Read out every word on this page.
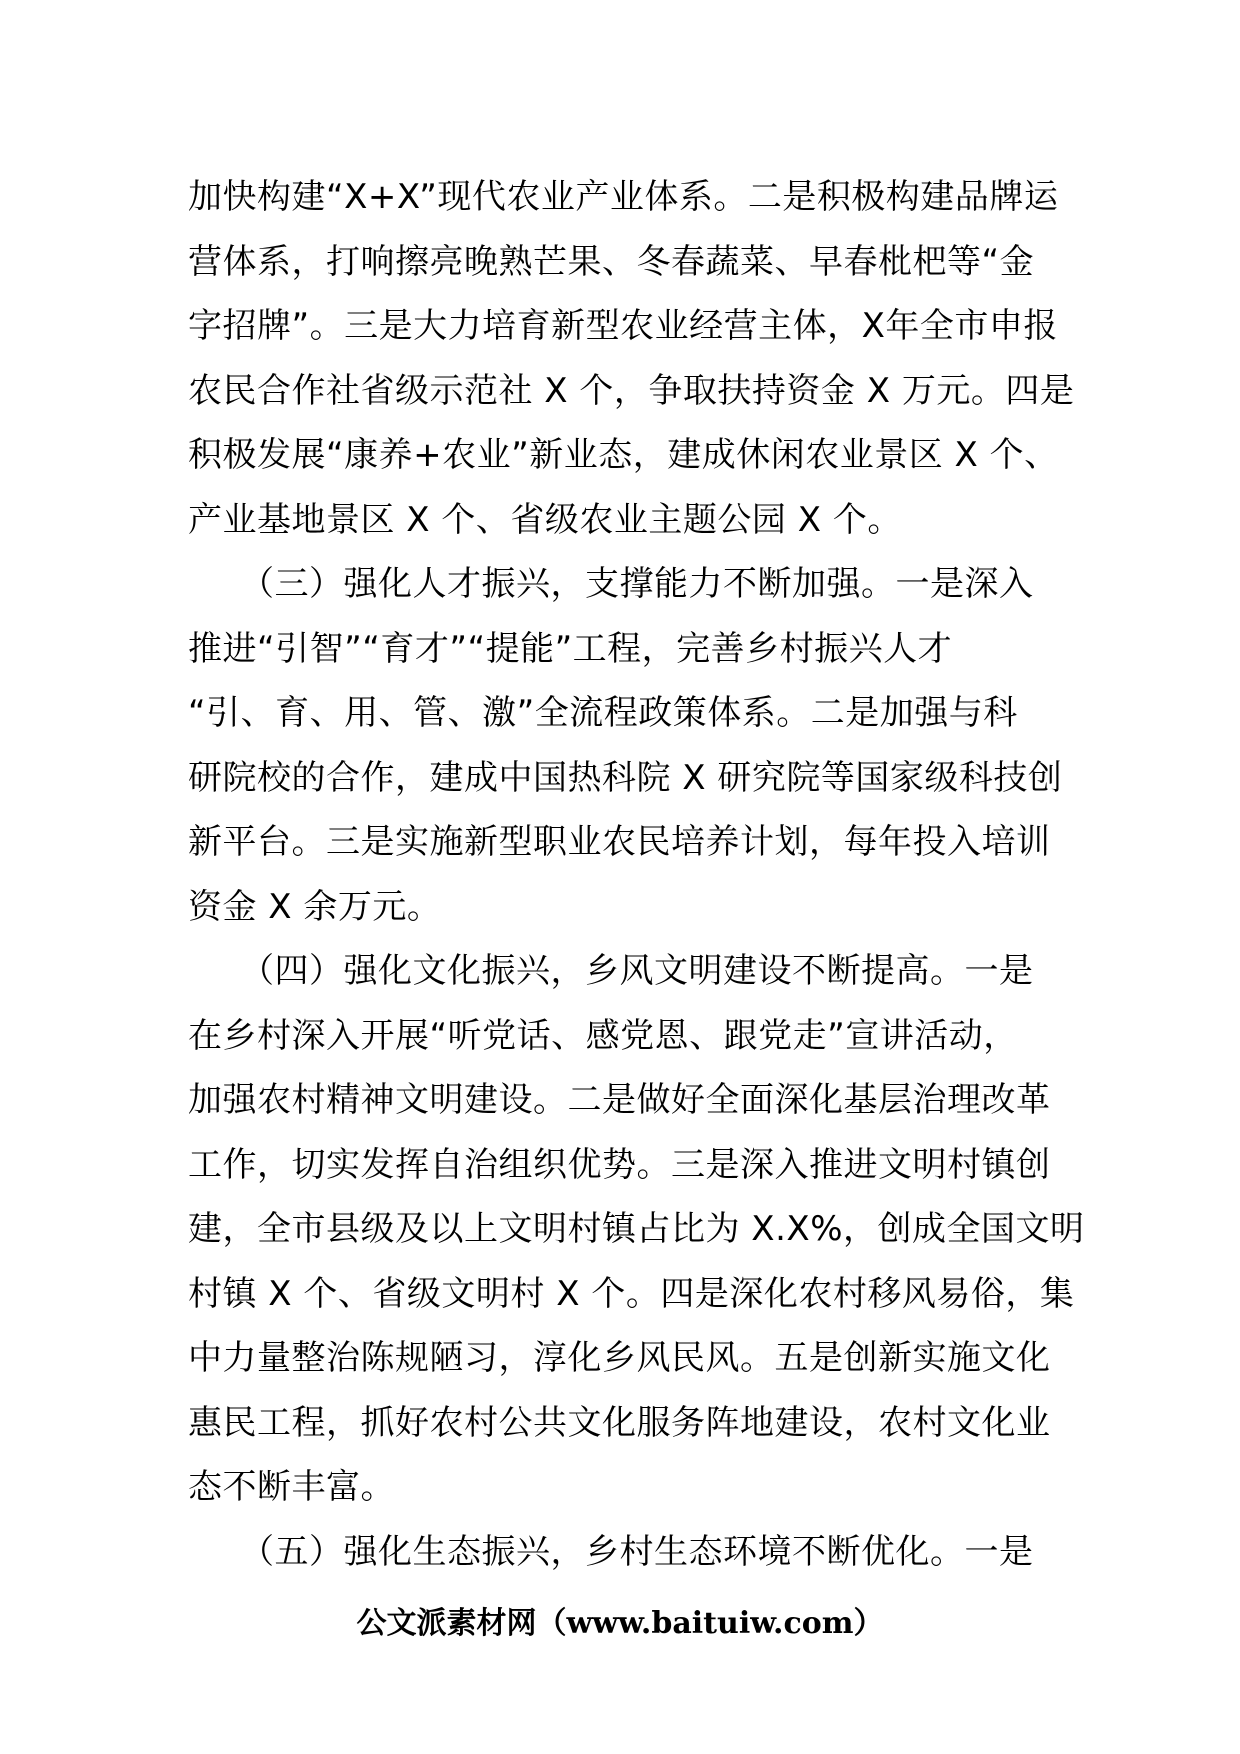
加快构建“X+X”现代农业产业体系。二是积极构建品牌运
营体系，打响擦亮晚熟芒果、冬春蔬菜、早春枇杷等“金
字招牌”。三是大力培育新型农业经营主体，X年全市申报
农民合作社省级示范社 X 个，争取扶持资金 X 万元。四是
积极发展“康养+农业”新业态，建成休闲农业景区 X 个、
产业基地景区 X 个、省级农业主题公园 X 个。
　　（三）强化人才振兴，支撑能力不断加强。一是深入
推进“引智”“育才”“提能”工程，完善乡村振兴人才
“引、育、用、管、激”全流程政策体系。二是加强与科
研院校的合作，建成中国热科院 X 研究院等国家级科技创
新平台。三是实施新型职业农民培养计划，每年投入培训
资金 X 余万元。
　　（四）强化文化振兴，乡风文明建设不断提高。一是
在乡村深入开展“听党话、感党恩、跟党走”宣讲活动，
加强农村精神文明建设。二是做好全面深化基层治理改革
工作，切实发挥自治组织优势。三是深入推进文明村镇创
建，全市县级及以上文明村镇占比为 X.X%，创成全国文明
村镇 X 个、省级文明村 X 个。四是深化农村移风易俗，集
中力量整治陈规陋习，淳化乡风民风。五是创新实施文化
惠民工程，抓好农村公共文化服务阵地建设，农村文化业
态不断丰富。
　　（五）强化生态振兴，乡村生态环境不断优化。一是
公文派素材网（www.baituiw.com）
